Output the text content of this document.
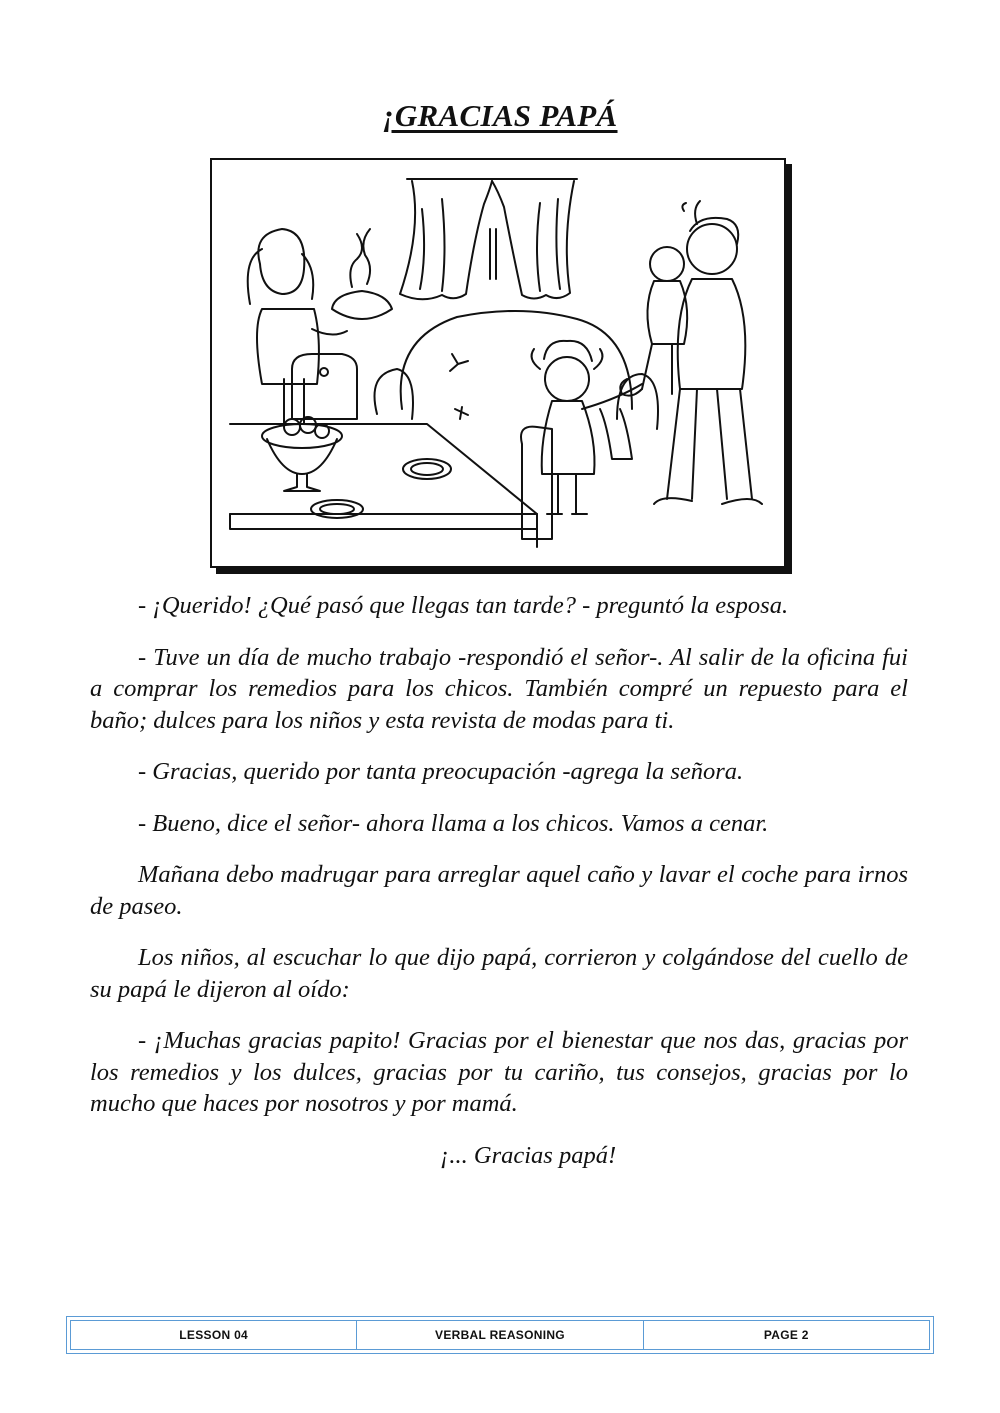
¡GRACIAS PAPÁ

- ¡Querido! ¿Qué pasó que llegas tan tarde? - preguntó la esposa.

- Tuve un día de mucho trabajo -respondió el señor-. Al salir de la oficina fui a comprar los remedios para los chicos. También compré un repuesto para el baño; dulces para los niños y esta revista de modas para ti.

- Gracias, querido por tanta preocupación -agrega la señora.

- Bueno, dice el señor- ahora llama a los chicos. Vamos a cenar.

Mañana debo madrugar para arreglar aquel caño y lavar el coche para irnos de paseo.

Los niños, al escuchar lo que dijo papá, corrieron y colgándose del cuello de su papá le dijeron al oído:

- ¡Muchas gracias papito! Gracias por el bienestar que nos das, gracias por los remedios y los dulces, gracias por tu cariño, tus consejos, gracias por lo mucho que haces por nosotros y por mamá.

¡... Gracias papá!

LESSON 04	VERBAL REASONING	PAGE 2
